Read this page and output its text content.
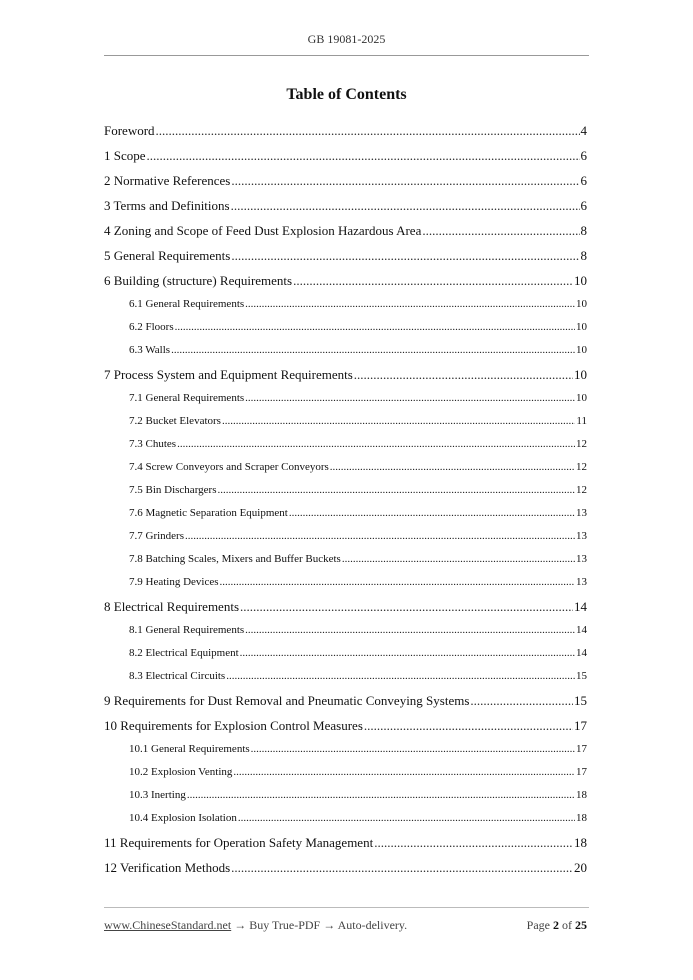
GB 19081-2025
Table of Contents
Foreword .....	4
1 Scope .....	6
2 Normative References .....	6
3 Terms and Definitions .....	6
4 Zoning and Scope of Feed Dust Explosion Hazardous Area .....	8
5 General Requirements .....	8
6 Building (structure) Requirements .....	10
6.1 General Requirements .....	10
6.2 Floors .....	10
6.3 Walls .....	10
7 Process System and Equipment Requirements .....	10
7.1 General Requirements .....	10
7.2 Bucket Elevators .....	11
7.3 Chutes .....	12
7.4 Screw Conveyors and Scraper Conveyors .....	12
7.5 Bin Dischargers .....	12
7.6 Magnetic Separation Equipment .....	13
7.7 Grinders .....	13
7.8 Batching Scales, Mixers and Buffer Buckets .....	13
7.9 Heating Devices .....	13
8 Electrical Requirements .....	14
8.1 General Requirements .....	14
8.2 Electrical Equipment .....	14
8.3 Electrical Circuits .....	15
9 Requirements for Dust Removal and Pneumatic Conveying Systems .....	15
10 Requirements for Explosion Control Measures .....	17
10.1 General Requirements .....	17
10.2 Explosion Venting .....	17
10.3 Inerting .....	18
10.4 Explosion Isolation .....	18
11 Requirements for Operation Safety Management .....	18
12 Verification Methods .....	20
www.ChineseStandard.net → Buy True-PDF → Auto-delivery.	Page 2 of 25
